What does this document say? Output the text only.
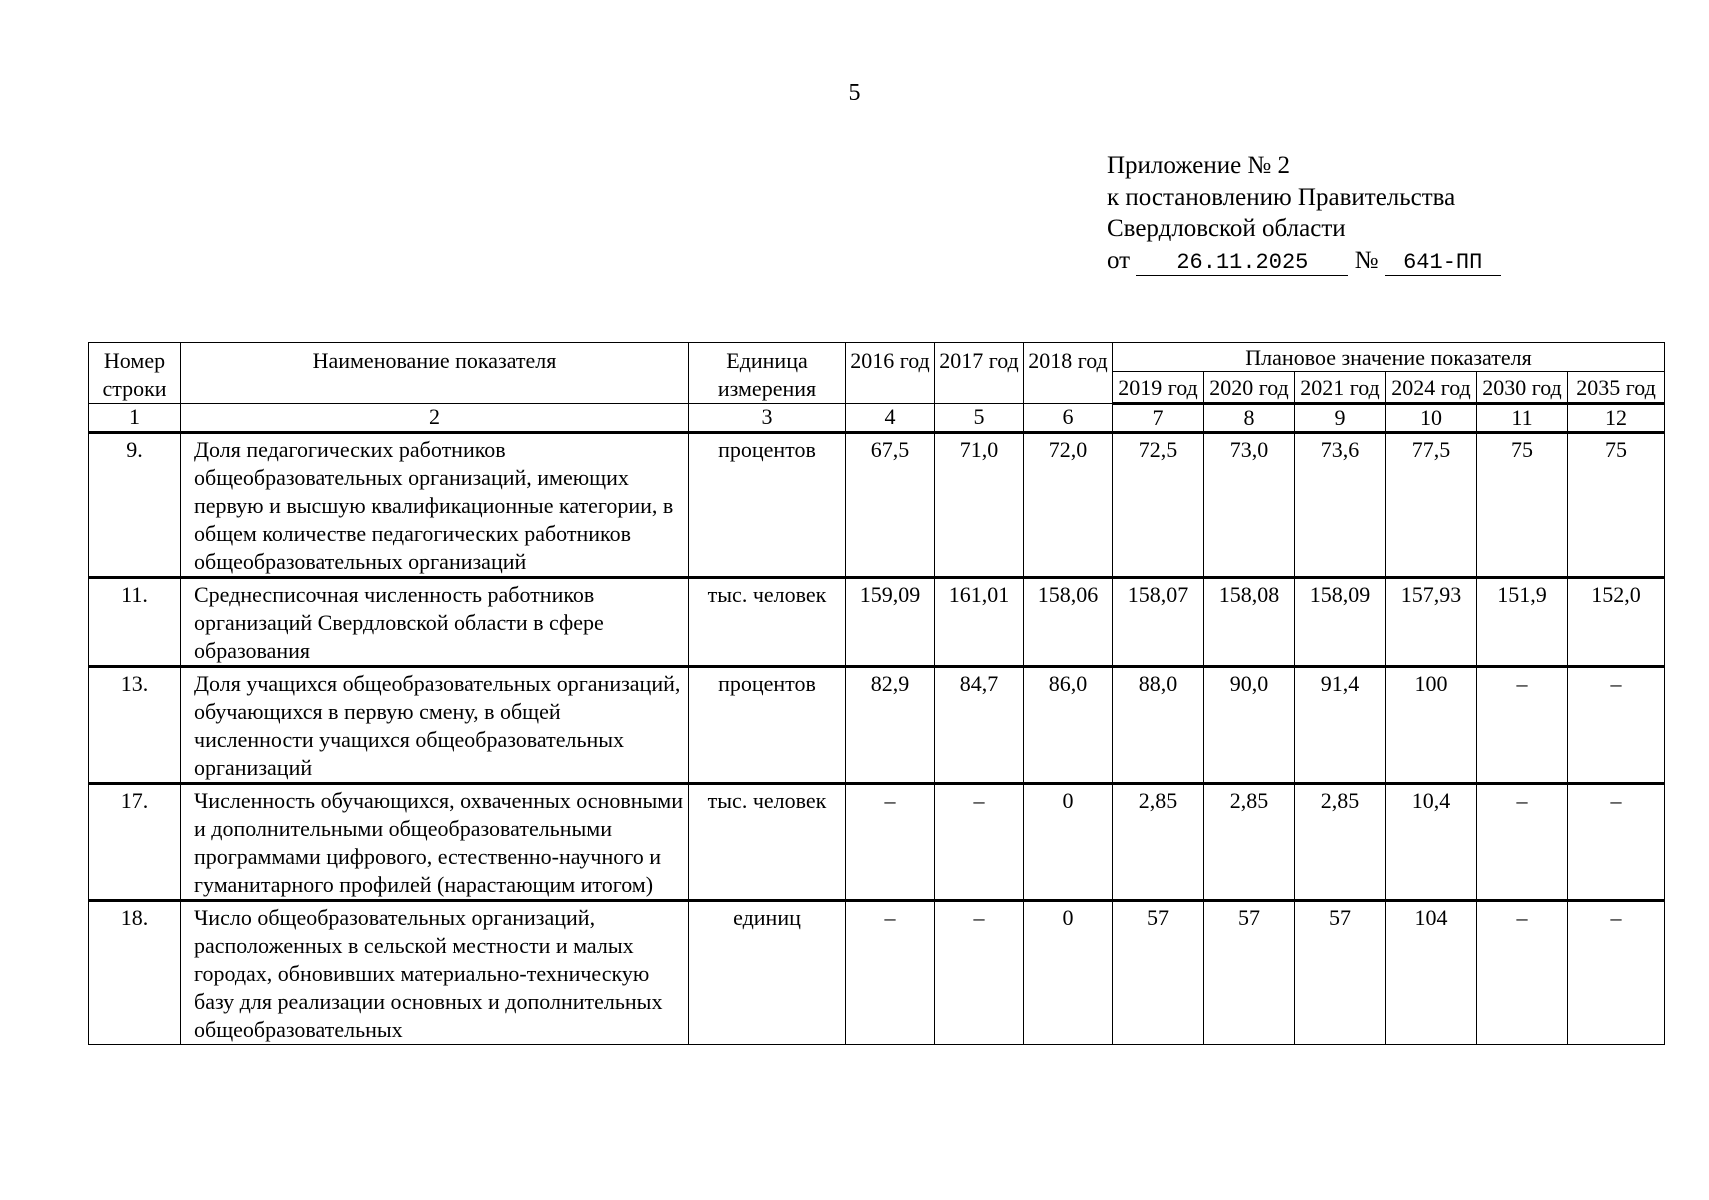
5
Приложение № 2
к постановлению Правительства
Свердловской области
от 26.11.2025 № 641-ПП
Номер строки	Наименование показателя	Единица измерения	2016 год	2017 год	2018 год	Плановое значение показателя					
						2019 год	2020 год	2021 год	2024 год	2030 год	2035 год
1	2	3	4	5	6	7	8	9	10	11	12
9.	Доля педагогических работников общеобразовательных организаций, имеющих первую и высшую квалификационные категории, в общем количестве педагогических работников общеобразовательных организаций	процентов	67,5	71,0	72,0	72,5	73,0	73,6	77,5	75	75
11.	Среднесписочная численность работников организаций Свердловской области в сфере образования	тыс. человек	159,09	161,01	158,06	158,07	158,08	158,09	157,93	151,9	152,0
13.	Доля учащихся общеобразовательных организаций, обучающихся в первую смену, в общей численности учащихся общеобразовательных организаций	процентов	82,9	84,7	86,0	88,0	90,0	91,4	100	–	–
17.	Численность обучающихся, охваченных основными и дополнительными общеобразовательными программами цифрового, естественно-научного и гуманитарного профилей (нарастающим итогом)	тыс. человек	–	–	0	2,85	2,85	2,85	10,4	–	–
18.	Число общеобразовательных организаций, расположенных в сельской местности и малых городах, обновивших материально-техническую базу для реализации основных и дополнительных общеобразовательных	единиц	–	–	0	57	57	57	104	–	–
